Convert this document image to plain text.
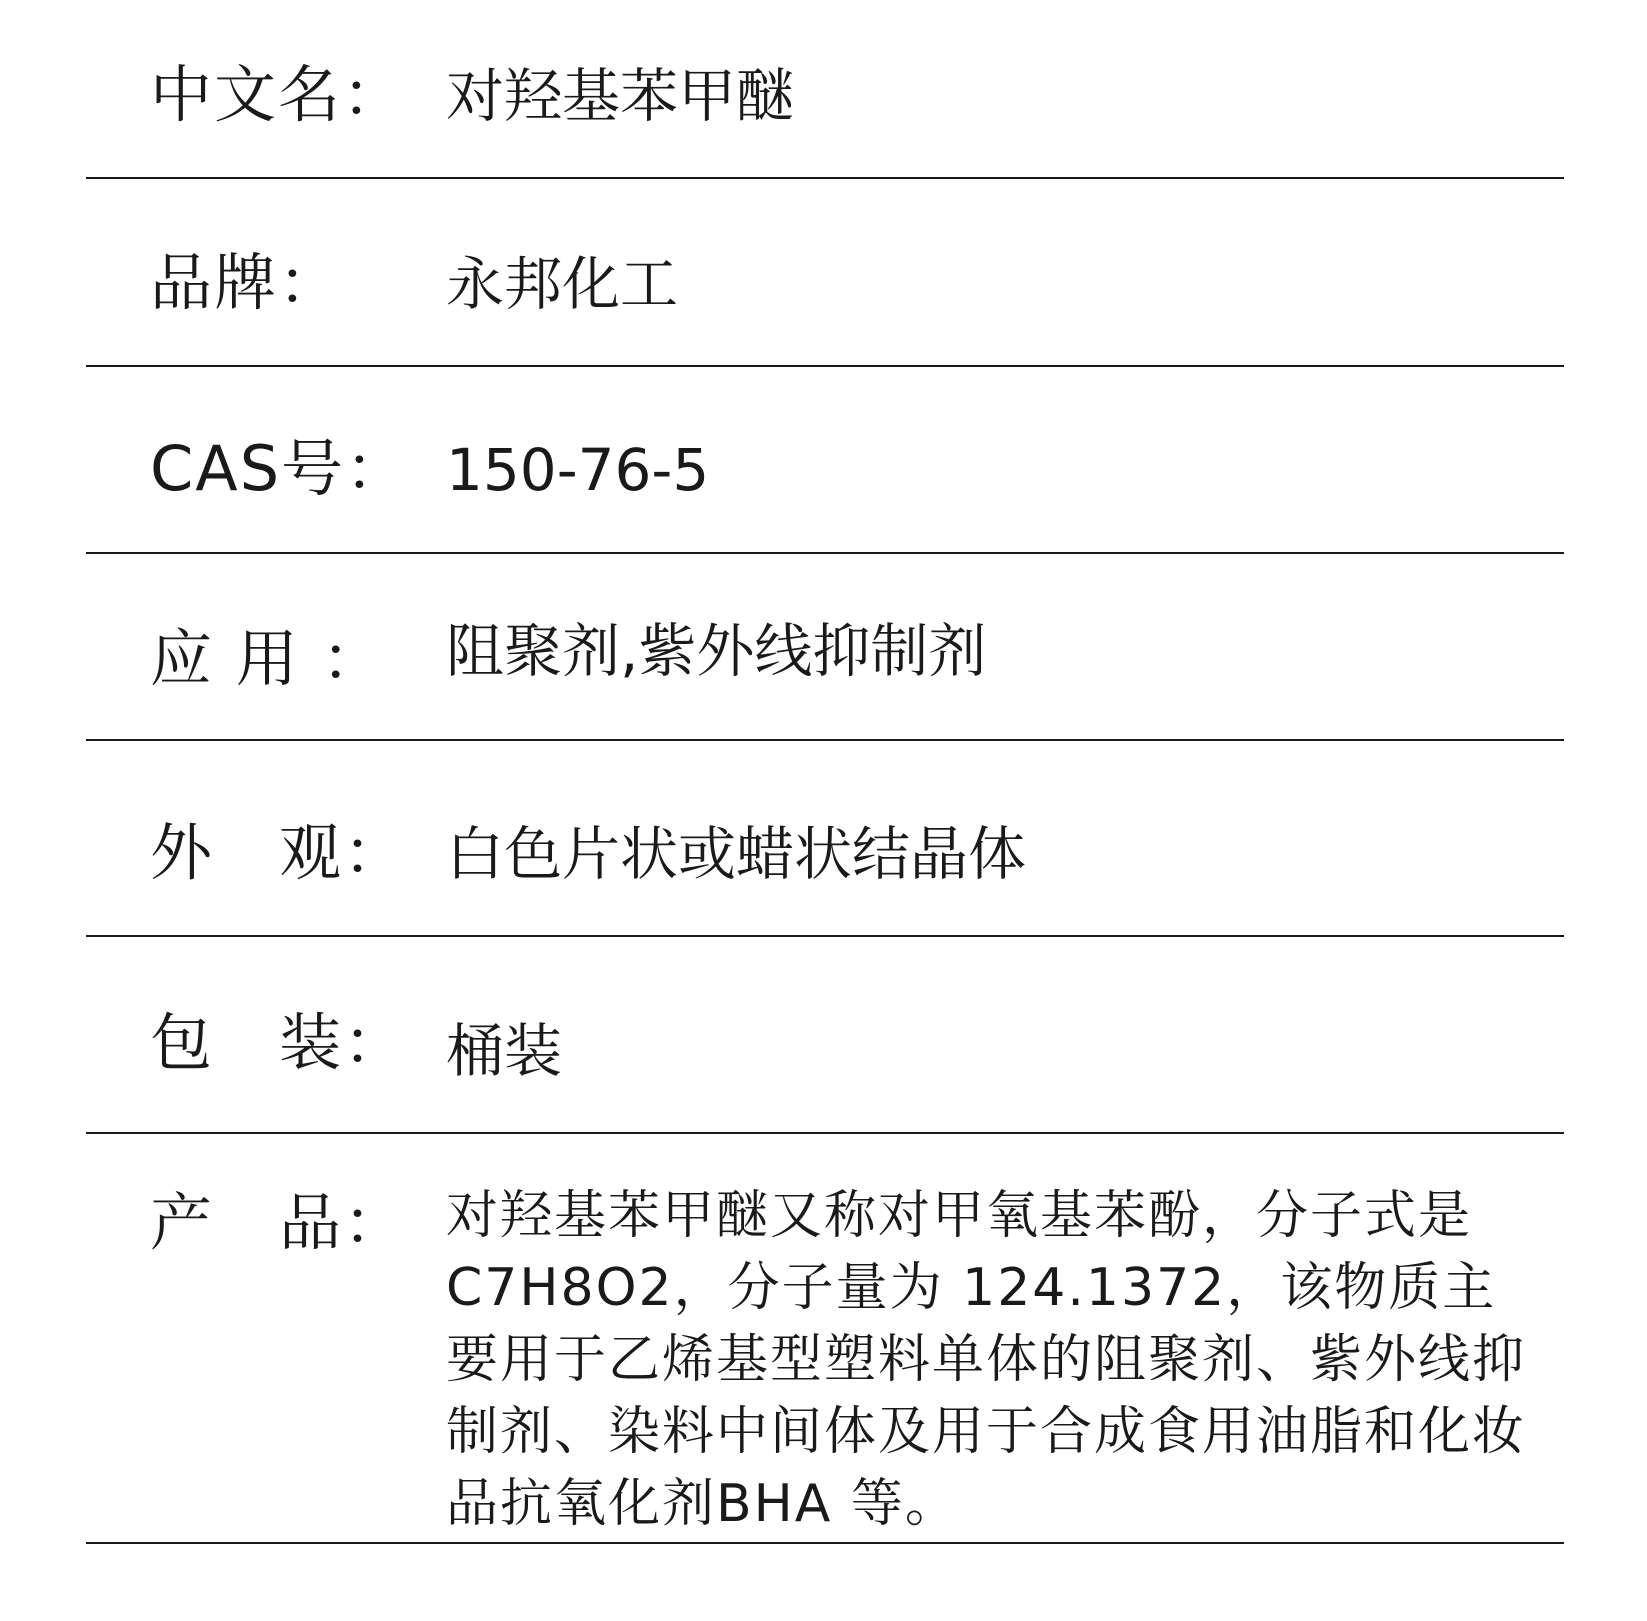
中文名： 对羟基苯甲醚
品牌： 永邦化工
CAS号： 150-76-5
应 用 ： 阻聚剂,紫外线抑制剂
外   观： 白色片状或蜡状结晶体
包   装： 桶装
产   品： 对羟基苯甲醚又称对甲氧基苯酚，分子式是C7H8O2，分子量为 124.1372，该物质主要用于乙烯基型塑料单体的阻聚剂、紫外线抑制剂、染料中间体及用于合成食用油脂和化妆品抗氧化剂BHA 等。
